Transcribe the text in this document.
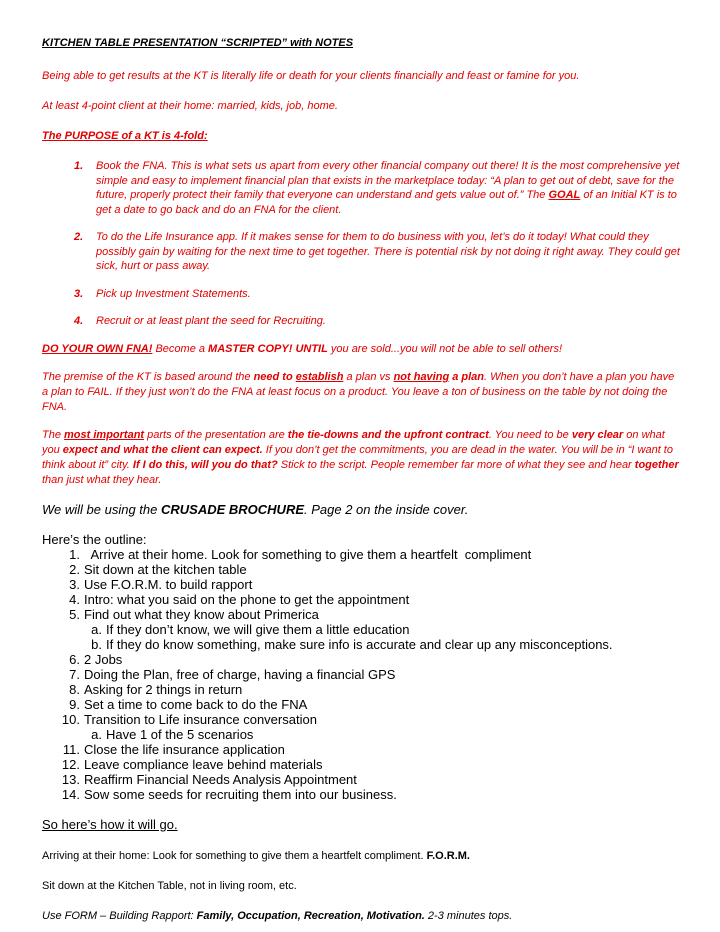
KITCHEN TABLE PRESENTATION “SCRIPTED” with NOTES

Being able to get results at the KT is literally life or death for your clients financially and feast or famine for you.

At least 4-point client at their home: married, kids, job, home.

The PURPOSE of a KT is 4-fold:

1. Book the FNA. This is what sets us apart from every other financial company out there! It is the most comprehensive yet simple and easy to implement financial plan that exists in the marketplace today: “A plan to get out of debt, save for the future, properly protect their family that everyone can understand and gets value out of.” The GOAL of an Initial KT is to get a date to go back and do an FNA for the client.
2. To do the Life Insurance app. If it makes sense for them to do business with you, let’s do it today! What could they possibly gain by waiting for the next time to get together. There is potential risk by not doing it right away. They could get sick, hurt or pass away.
3. Pick up Investment Statements.
4. Recruit or at least plant the seed for Recruiting.

DO YOUR OWN FNA! Become a MASTER COPY! UNTIL you are sold...you will not be able to sell others!

The premise of the KT is based around the need to establish a plan vs not having a plan. When you don’t have a plan you have a plan to FAIL. If they just won’t do the FNA at least focus on a product. You leave a ton of business on the table by not doing the FNA.

The most important parts of the presentation are the tie-downs and the upfront contract. You need to be very clear on what you expect and what the client can expect. If you don’t get the commitments, you are dead in the water. You will be in “I want to think about it” city. If I do this, will you do that? Stick to the script. People remember far more of what they see and hear together than just what they hear.

We will be using the CRUSADE BROCHURE. Page 2 on the inside cover.

Here’s the outline:

1. Arrive at their home. Look for something to give them a heartfelt  compliment
2. Sit down at the kitchen table
3. Use F.O.R.M. to build rapport
4. Intro: what you said on the phone to get the appointment
5. Find out what they know about Primerica
a. If they don’t know, we will give them a little education
b. If they do know something, make sure info is accurate and clear up any misconceptions.
6. 2 Jobs
7. Doing the Plan, free of charge, having a financial GPS
8. Asking for 2 things in return
9. Set a time to come back to do the FNA
10. Transition to Life insurance conversation
a. Have 1 of the 5 scenarios
11. Close the life insurance application
12. Leave compliance leave behind materials
13. Reaffirm Financial Needs Analysis Appointment
14. Sow some seeds for recruiting them into our business.

So here’s how it will go.

Arriving at their home: Look for something to give them a heartfelt compliment. F.O.R.M.

Sit down at the Kitchen Table, not in living room, etc.

Use FORM – Building Rapport: Family, Occupation, Recreation, Motivation. 2-3 minutes tops.
